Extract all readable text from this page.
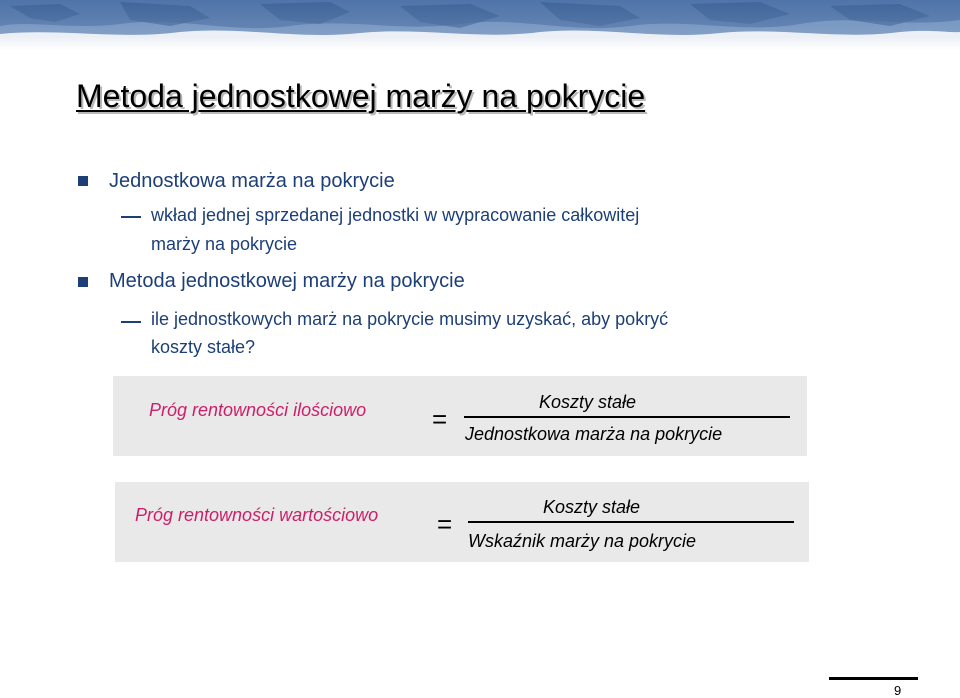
Metoda jednostkowej marży na pokrycie
Jednostkowa marża na pokrycie
wkład jednej sprzedanej jednostki w wypracowanie całkowitej
marży na pokrycie
Metoda jednostkowej marży na pokrycie
ile jednostkowych marż na pokrycie musimy uzyskać, aby pokryć
koszty stałe?
Próg rentowności ilościowo	=
Koszty stałe
Jednostkowa marża na pokrycie
Próg rentowności wartościowo =
Koszty stałe
Wskaźnik marży na pokrycie
9
